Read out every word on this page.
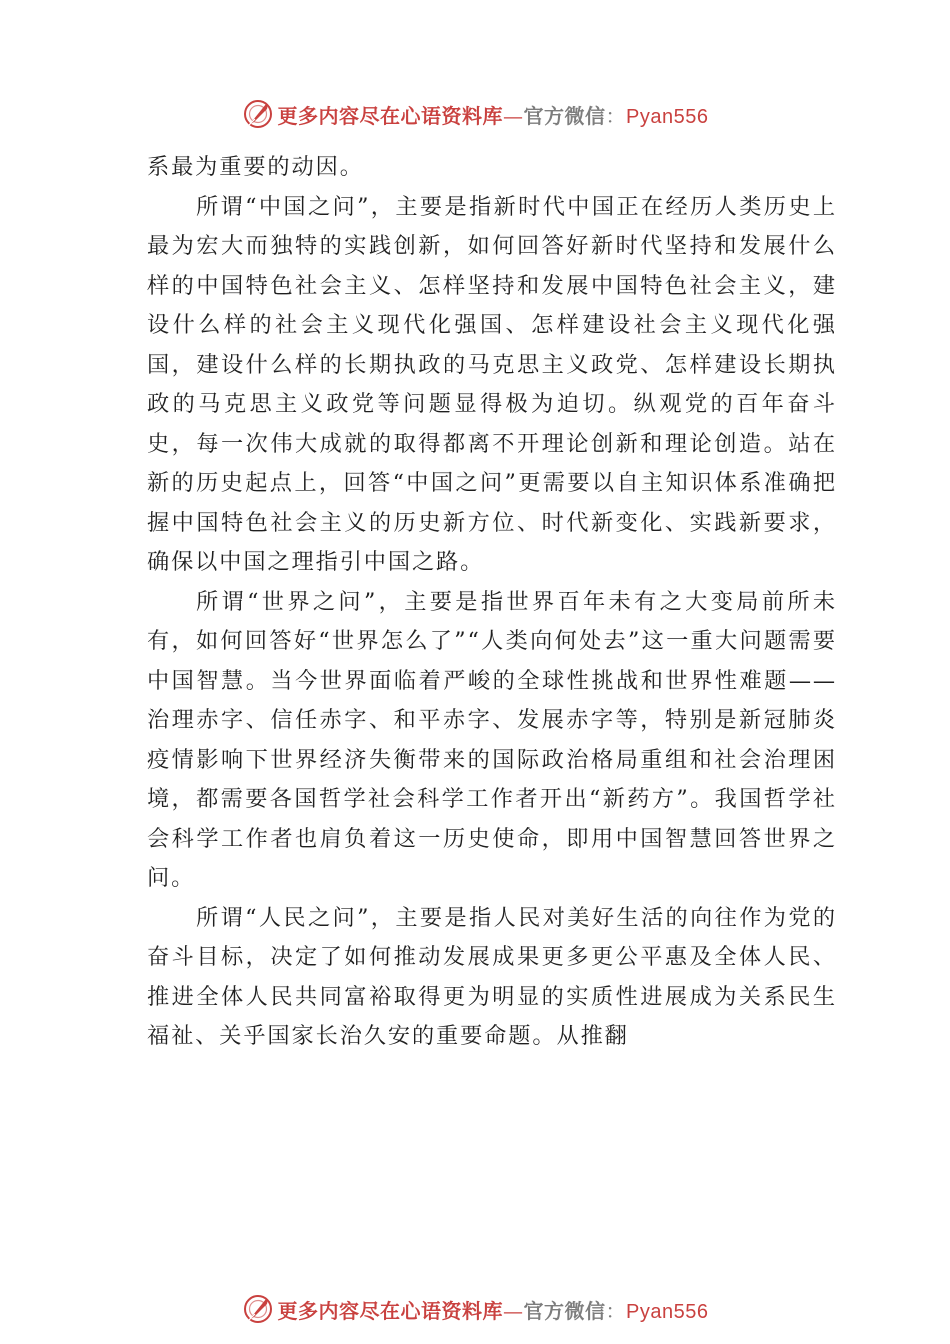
更多内容尽在心语资料库—官方微信：Pyan556

系最为重要的动因。

所谓“中国之问”，主要是指新时代中国正在经历人类历史上最为宏大而独特的实践创新，如何回答好新时代坚持和发展什么样的中国特色社会主义、怎样坚持和发展中国特色社会主义，建设什么样的社会主义现代化强国、怎样建设社会主义现代化强国，建设什么样的长期执政的马克思主义政党、怎样建设长期执政的马克思主义政党等问题显得极为迫切。纵观党的百年奋斗史，每一次伟大成就的取得都离不开理论创新和理论创造。站在新的历史起点上，回答“中国之问”更需要以自主知识体系准确把握中国特色社会主义的历史新方位、时代新变化、实践新要求，确保以中国之理指引中国之路。

所谓“世界之问”，主要是指世界百年未有之大变局前所未有，如何回答好“世界怎么了”“人类向何处去”这一重大问题需要中国智慧。当今世界面临着严峻的全球性挑战和世界性难题——治理赤字、信任赤字、和平赤字、发展赤字等，特别是新冠肺炎疫情影响下世界经济失衡带来的国际政治格局重组和社会治理困境，都需要各国哲学社会科学工作者开出“新药方”。我国哲学社会科学工作者也肩负着这一历史使命，即用中国智慧回答世界之问。

所谓“人民之问”，主要是指人民对美好生活的向往作为党的奋斗目标，决定了如何推动发展成果更多更公平惠及全体人民、推进全体人民共同富裕取得更为明显的实质性进展成为关系民生福祉、关乎国家长治久安的重要命题。从推翻

更多内容尽在心语资料库—官方微信：Pyan556
